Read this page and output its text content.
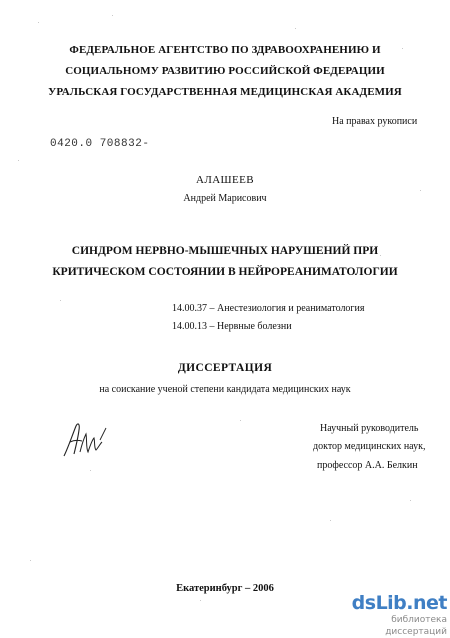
ФЕДЕРАЛЬНОЕ АГЕНТСТВО ПО ЗДРАВООХРАНЕНИЮ И
СОЦИАЛЬНОМУ РАЗВИТИЮ РОССИЙСКОЙ ФЕДЕРАЦИИ
УРАЛЬСКАЯ ГОСУДАРСТВЕННАЯ МЕДИЦИНСКАЯ АКАДЕМИЯ
На правах рукописи
0420.0 708832-
АЛАШЕЕВ
Андрей Марисович
СИНДРОМ НЕРВНО-МЫШЕЧНЫХ НАРУШЕНИЙ ПРИ
КРИТИЧЕСКОМ СОСТОЯНИИ В НЕЙРОРЕАНИМАТОЛОГИИ
14.00.37 – Анестезиология и реаниматология
14.00.13 – Нервные болезни
ДИССЕРТАЦИЯ
на соискание ученой степени кандидата медицинских наук
Научный руководитель
доктор медицинских наук,
профессор А.А. Белкин
Екатеринбург – 2006
dsLib.net
библиотека диссертаций
